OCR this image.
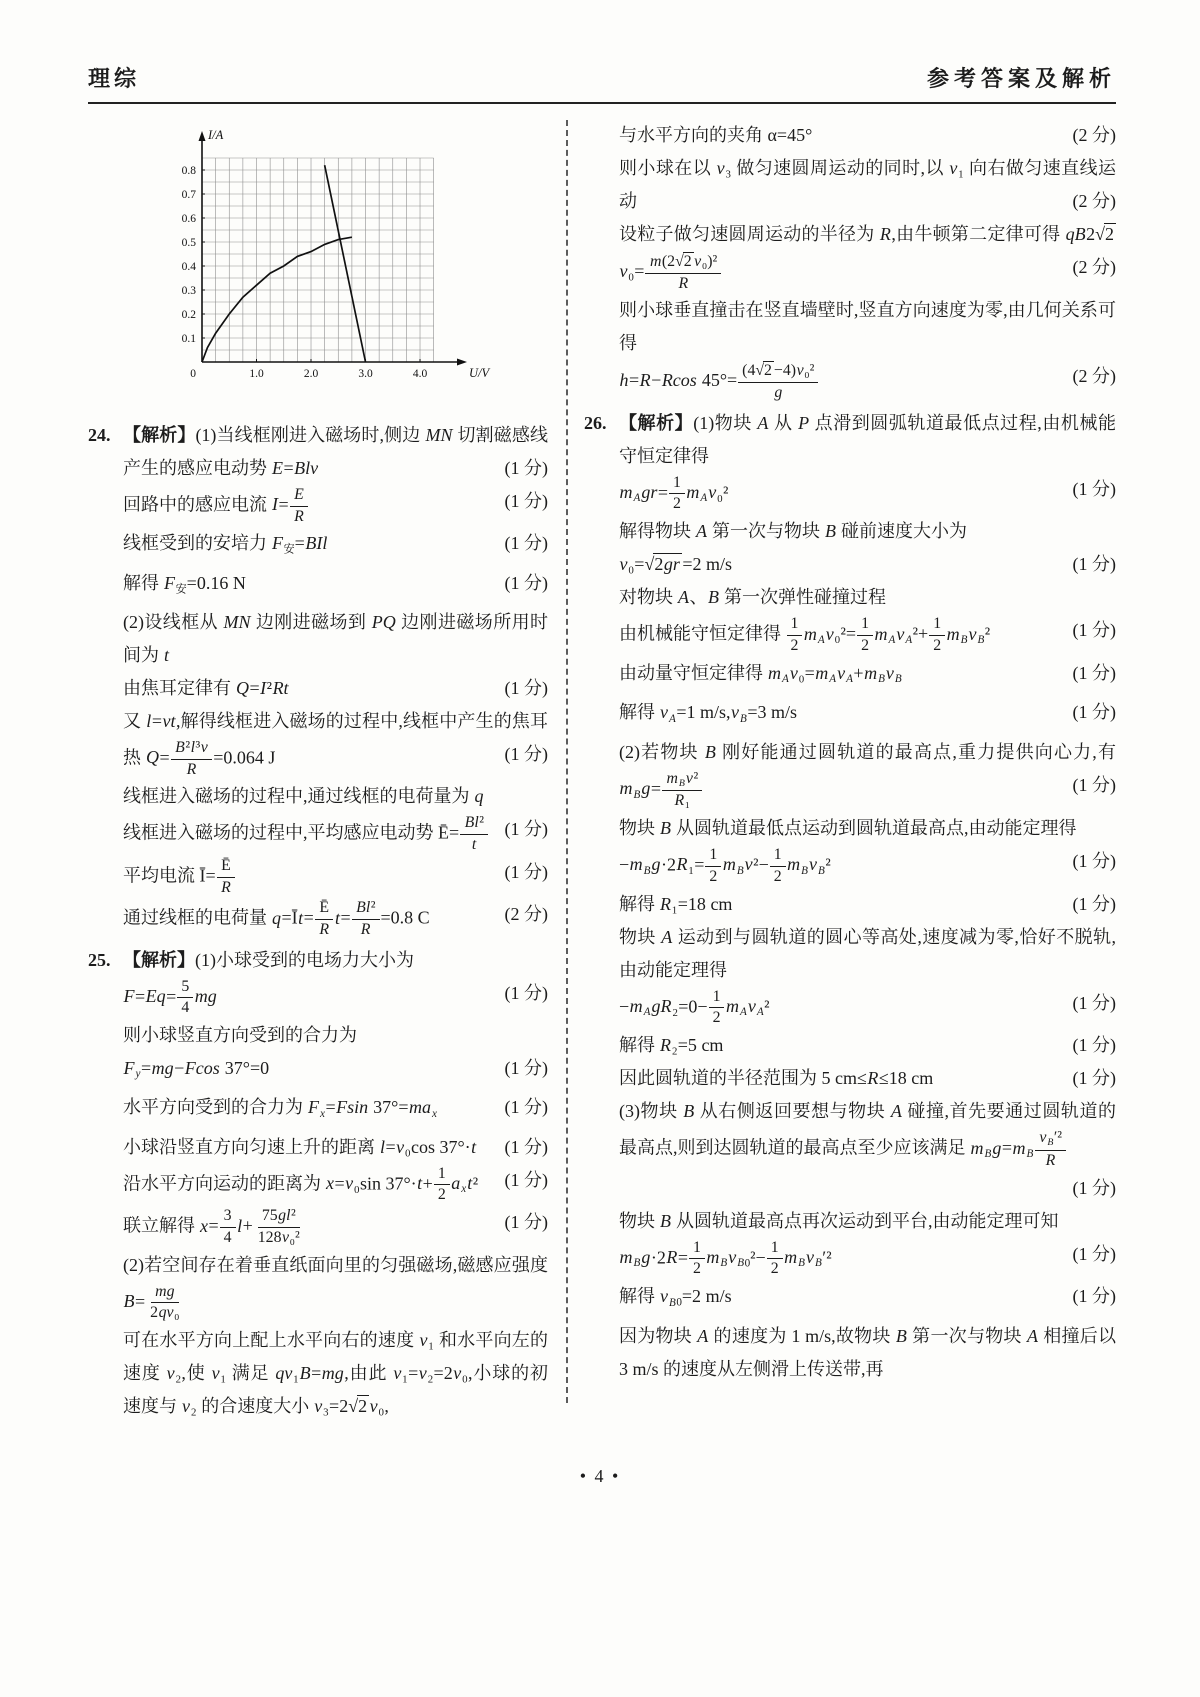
理综	参考答案及解析
0.1
0.2
0.3
0.4
0.5
0.6
0.7
0.8
1.0	2.0	3.0	4.0
0
I/A
U/V
24. 【解析】(1)当线框刚进入磁场时,侧边 MN 切割磁感线产生的感应电动势 E=Blv	(1 分)
回路中的感应电流 $I= \frac{E}{R}$	(1 分)
线框受到的安培力 $F_安=BIl$	(1 分)
解得 $F_安=0.16$ N	(1 分)
(2)设线框从 MN 边刚进磁场到 PQ 边刚进磁场所用时间为 t
由焦耳定律有 Q=I²Rt	(1 分)
又 l=vt,解得线框进入磁场的过程中,线框中产生的焦耳热 $Q= \frac{\text{B²l³v}}{R} =0.064$ J	(1 分)
线框进入磁场的过程中,通过线框的电荷量为 q
线框进入磁场的过程中,平均感应电动势 Ē= $\frac{\text{Bl²}}{t} (1$ 分)
平均电流 Ī= $\frac{Ē}{R}$	(1 分)
通过线框的电荷量 q=Īt= $\frac{Ē}{R} t= \frac{\text{Bl²}}{R} =0.8$ C	(2 分)
25. 【解析】(1)小球受到的电场力大小为
$F=Eq= \frac{5}{4}$ mg	(1 分)
则小球竖直方向受到的合力为
$F_y=mg-Fcos$ 37°=0	(1 分)
水平方向受到的合力为 $F_x=Fsin$ $37^\circ=ma_x$	(1 分)
小球沿竖直方向匀速上升的距离 l=v₀cos 37°·t	(1 分)
沿水平方向运动的距离为 x=v₀sin $37^\circ\cdot t+ \frac{1}{2} a_xt^2$	(1 分)
联立解得 $x= \frac{3}{4} l+ \frac{\text{75gl²}}{\text{128v₀²}}$	(1 分)
(2)若空间存在着垂直纸面向里的匀强磁场,磁感应强度 $B= \frac{mg}{\text{2qv₀}}$
可在水平方向上配上水平向右的速度 v₁ 和水平向左的速度 v₂,使 v₁ 满足 qv₁B=mg,由此 v₁=v₂=2v₀,小球的初速度与 v₂ 的合速度大小 v₃=2√2 v₀,
与水平方向的夹角 α=45°	(2 分)
则小球在以 v₃ 做匀速圆周运动的同时,以 v₁ 向右做匀速直线运动	(2 分)
设粒子做匀速圆周运动的半径为 R,由牛顿第二定律可得 $qB2√2v_0= \frac{\text{m(2√2 v₀)²}}{R}$	(2 分)
则小球垂直撞击在竖直墙壁时,竖直方向速度为零,由几何关系可得
h=R−Rcos $45^\circ= \frac{\text{(4√2 −4)v₀²}}{g}$	(2 分)
26. 【解析】(1)物块 A 从 P 点滑到圆弧轨道最低点过程,由机械能守恒定律得
$m_Agr= \frac{1}{2} m_Av_0^2$	(1 分)
解得物块 A 第一次与物块 B 碰前速度大小为
v₀=√2gr =2 m/s	(1 分)
对物块 A、B 第一次弹性碰撞过程
由机械能守恒定律得 $\frac{1}{2} m_Av_0^2= \frac{1}{2} m_Av_A^2+ \frac{1}{2} m_Bv_B^2$	(1 分)
由动量守恒定律得 $m_Av_0=m_Av_A+m_Bv_B$	(1 分)
解得 $v_A=1$ $m/s,v_B=3$ m/s	(1 分)
(2)若物块 B 刚好能通过圆轨道的最高点,重力提供向心力,有 $m_Bg= \frac{m_Bv^2}{\text{R₁}}$	(1 分)
物块 B 从圆轨道最低点运动到圆轨道最高点,由动能定理得
$-m_Bg\cdot 2R_1= \frac{1}{2} m_Bv^2- \frac{1}{2} m_Bv_B^2$	(1 分)
解得 R₁=18 cm	(1 分)
物块 A 运动到与圆轨道的圆心等高处,速度减为零,恰好不脱轨,由动能定理得
$-m_AgR_2=0- \frac{1}{2} m_Av_A^2$	(1 分)
解得 R₂=5 cm	(1 分)
因此圆轨道的半径范围为 5 cm≤R≤18 cm	(1 分)
(3)物块 B 从右侧返回要想与物块 A 碰撞,首先要通过圆轨道的最高点,则到达圆轨道的最高点至少应该满足 $m_Bg=m_B \frac{v_B'^2}{R}$
(1 分)
物块 B 从圆轨道最高点再次运动到平台,由动能定理可知
$m_Bg\cdot 2R= \frac{1}{2} m_Bv_{B0}^2- \frac{1}{2} m_Bv_B'^2$	(1 分)
解得 $v_{B0}=2$ m/s	(1 分)
因为物块 A 的速度为 1 m/s,故物块 B 第一次与物块 A 相撞后以 3 m/s 的速度从左侧滑上传送带,再
• 4 •
